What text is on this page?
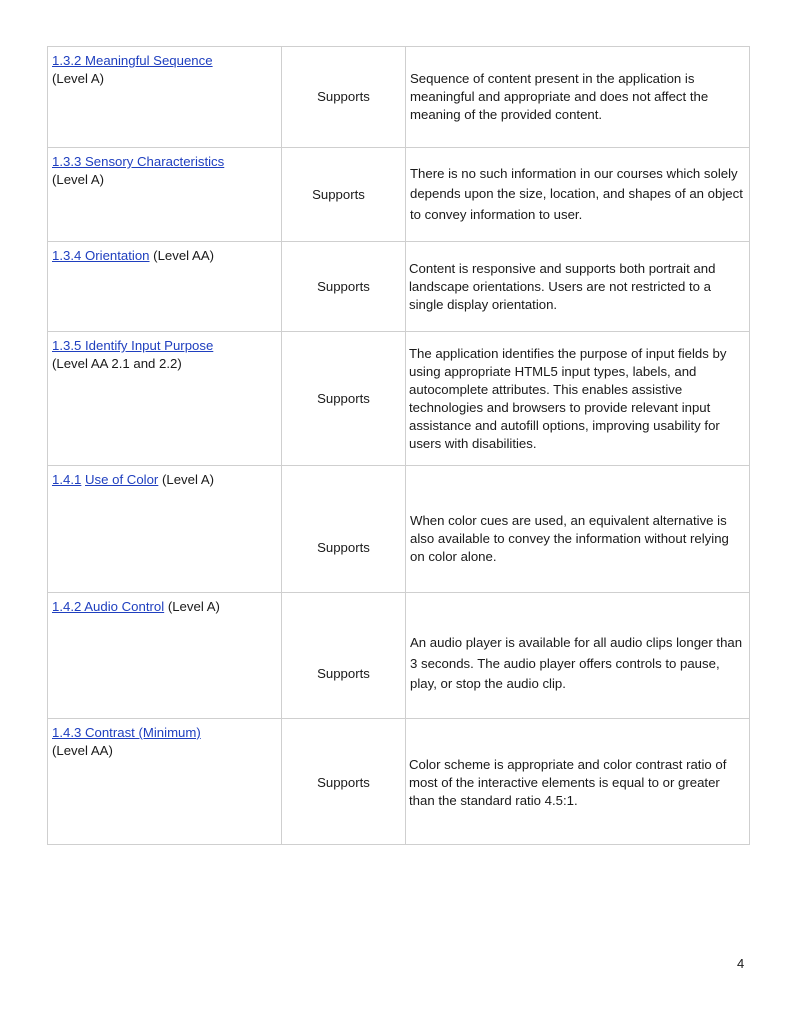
1.3.2 Meaningful Sequence
(Level A)	Supports	Sequence of content present in the application is meaningful and appropriate and does not affect the meaning of the provided content.
1.3.3 Sensory Characteristics
(Level A)	Supports	There is no such information in our courses which solely depends upon the size, location, and shapes of an object to convey information to user.
1.3.4 Orientation (Level AA)	Supports	Content is responsive and supports both portrait and landscape orientations. Users are not restricted to a single display orientation.
1.3.5 Identify Input Purpose
(Level AA 2.1 and 2.2)	Supports	The application identifies the purpose of input fields by using appropriate HTML5 input types, labels, and autocomplete attributes. This enables assistive technologies and browsers to provide relevant input assistance and autofill options, improving usability for users with disabilities.
1.4.1 Use of Color (Level A)	Supports	When color cues are used, an equivalent alternative is also available to convey the information without relying on color alone.
1.4.2 Audio Control (Level A)	Supports	An audio player is available for all audio clips longer than 3 seconds. The audio player offers controls to pause, play, or stop the audio clip.
1.4.3 Contrast (Minimum)
(Level AA)	Supports	Color scheme is appropriate and color contrast ratio of most of the interactive elements is equal to or greater than the standard ratio 4.5:1.
4
